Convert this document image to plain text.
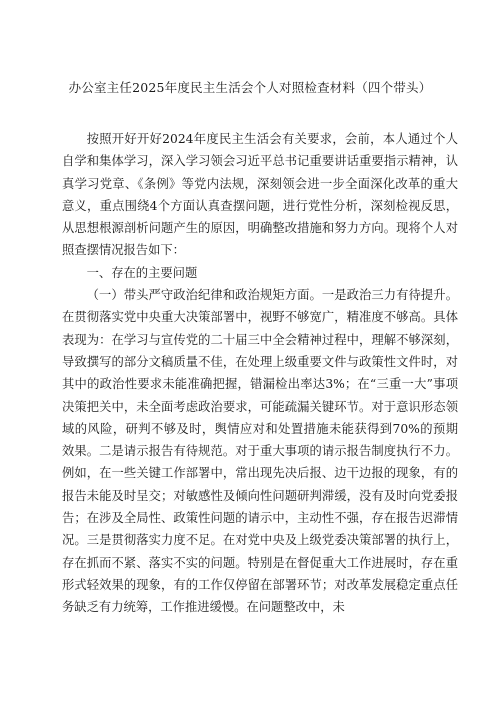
办公室主任2025年度民主生活会个人对照检查材料（四个带头）

按照开好开好2024年度民主生活会有关要求，会前，本人通过个人自学和集体学习，深入学习领会习近平总书记重要讲话重要指示精神，认真学习党章、《条例》等党内法规，深刻领会进一步全面深化改革的重大意义，重点围绕4个方面认真查摆问题，进行党性分析，深刻检视反思，从思想根源剖析问题产生的原因，明确整改措施和努力方向。现将个人对照查摆情况报告如下：

一、存在的主要问题

（一）带头严守政治纪律和政治规矩方面。一是政治三力有待提升。在贯彻落实党中央重大决策部署中，视野不够宽广，精准度不够高。具体表现为：在学习与宣传党的二十届三中全会精神过程中，理解不够深刻，导致撰写的部分文稿质量不佳，在处理上级重要文件与政策性文件时，对其中的政治性要求未能准确把握，错漏检出率达3%；在“三重一大”事项决策把关中，未全面考虑政治要求，可能疏漏关键环节。对于意识形态领域的风险，研判不够及时，舆情应对和处置措施未能获得到70%的预期效果。二是请示报告有待规范。对于重大事项的请示报告制度执行不力。例如，在一些关键工作部署中，常出现先决后报、边干边报的现象，有的报告未能及时呈交；对敏感性及倾向性问题研判滞缓，没有及时向党委报告；在涉及全局性、政策性问题的请示中，主动性不强，存在报告迟滞情况。三是贯彻落实力度不足。在对党中央及上级党委决策部署的执行上，存在抓而不紧、落实不实的问题。特别是在督促重大工作进展时，存在重形式轻效果的现象，有的工作仅停留在部署环节；对改革发展稳定重点任务缺乏有力统筹，工作推进缓慢。在问题整改中，未
